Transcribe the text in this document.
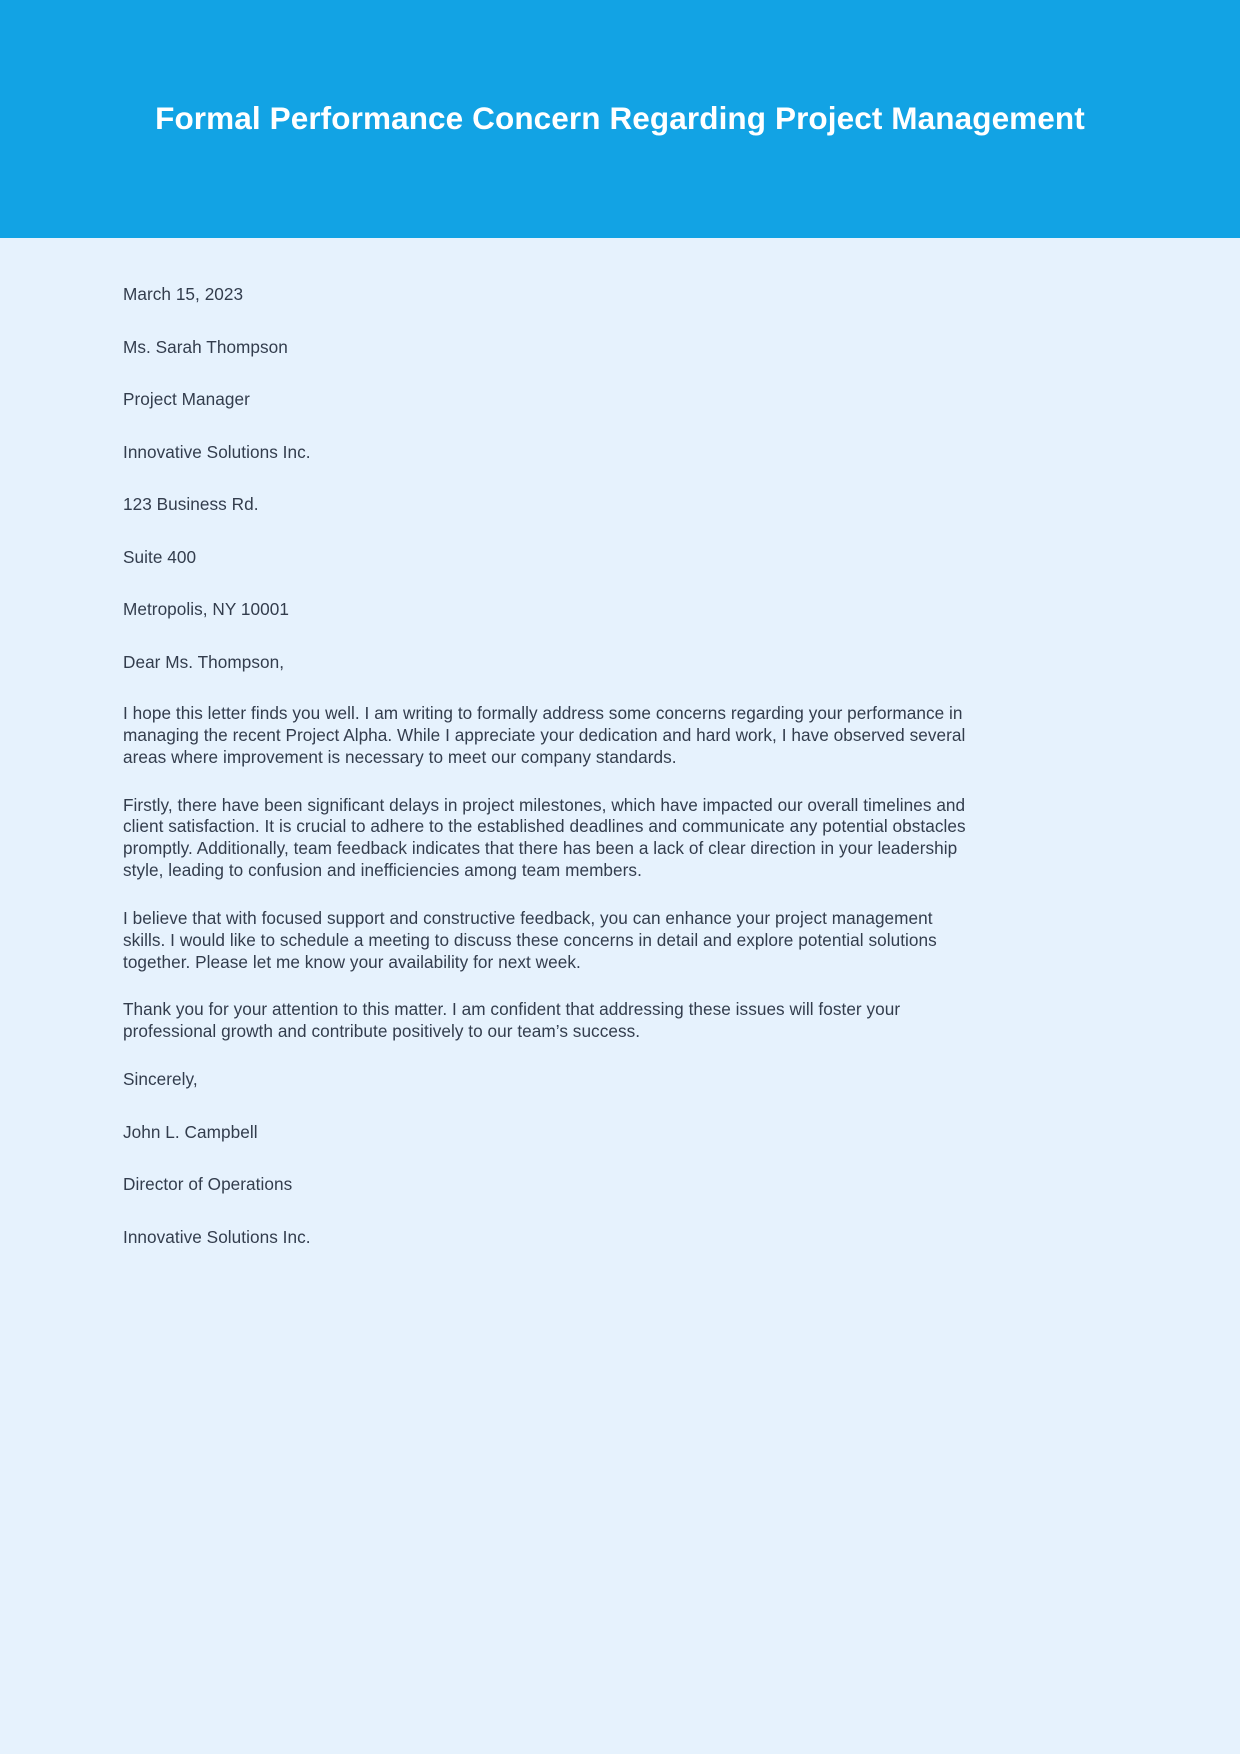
Formal Performance Concern Regarding Project Management

March 15, 2023

Ms. Sarah Thompson

Project Manager

Innovative Solutions Inc.

123 Business Rd.

Suite 400

Metropolis, NY 10001

Dear Ms. Thompson,

I hope this letter finds you well. I am writing to formally address some concerns regarding your performance in managing the recent Project Alpha. While I appreciate your dedication and hard work, I have observed several areas where improvement is necessary to meet our company standards.

Firstly, there have been significant delays in project milestones, which have impacted our overall timelines and client satisfaction. It is crucial to adhere to the established deadlines and communicate any potential obstacles promptly. Additionally, team feedback indicates that there has been a lack of clear direction in your leadership style, leading to confusion and inefficiencies among team members.

I believe that with focused support and constructive feedback, you can enhance your project management skills. I would like to schedule a meeting to discuss these concerns in detail and explore potential solutions together. Please let me know your availability for next week.

Thank you for your attention to this matter. I am confident that addressing these issues will foster your professional growth and contribute positively to our team’s success.

Sincerely,

John L. Campbell

Director of Operations

Innovative Solutions Inc.
